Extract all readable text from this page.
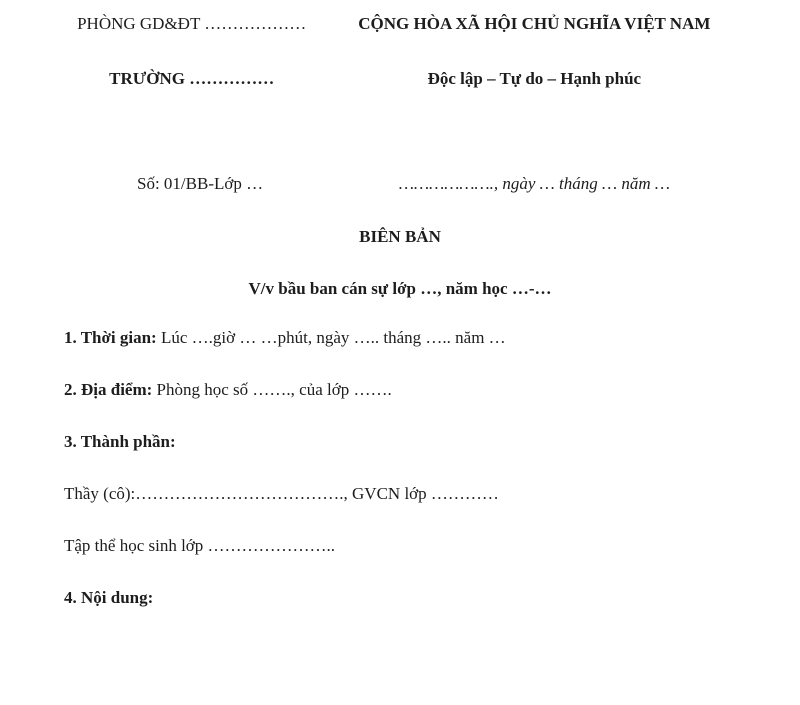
PHÒNG GD&ĐT ………………
TRƯỜNG ……………
CỘNG HÒA XÃ HỘI CHỦ NGHĨA VIỆT NAM
Độc lập – Tự do – Hạnh phúc
Số: 01/BB-Lớp …	………………., ngày … tháng … năm …
BIÊN BẢN
V/v bầu ban cán sự lớp …, năm học …-…

1. Thời gian: Lúc ….giờ … …phút, ngày ….. tháng ….. năm …

2. Địa điểm: Phòng học số ……., của lớp …….

3. Thành phần:

Thầy (cô):………………………………., GVCN lớp …………

Tập thể học sinh lớp …………………..

4. Nội dung:
